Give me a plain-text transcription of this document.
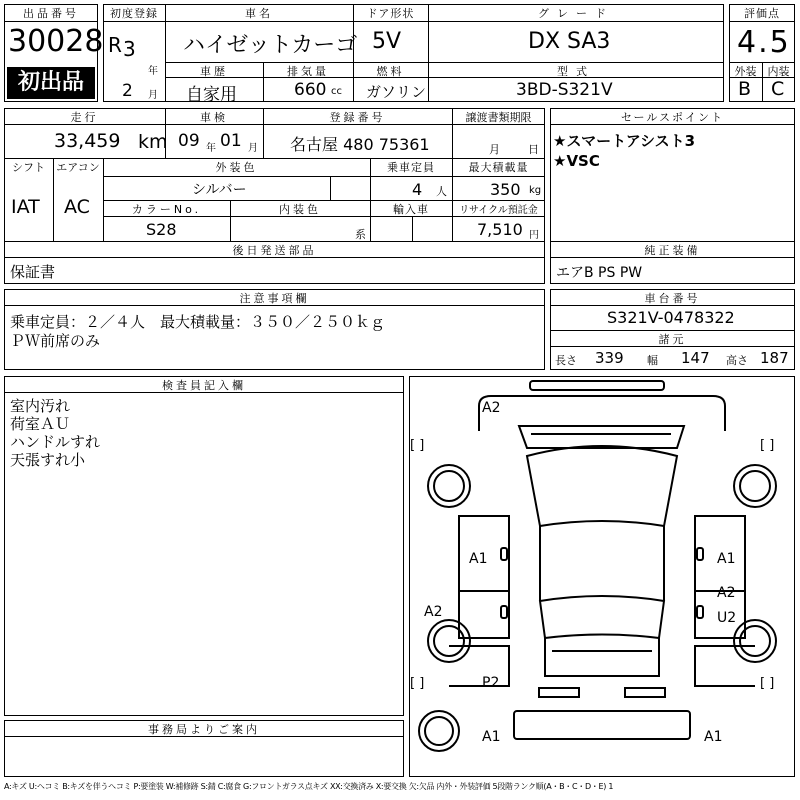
出品番号
30028
初出品
初度登録
R 3
年
2 月
車名
ハイゼットカーゴ
ドア形状
5V
グレード
DX SA3
車歴
自家用
排気量
660 cc
燃料
ガソリン
型式
3BD-S321V
評価点
4.5
外装	内装
B C
走行
33,459 km
車検
09 年 01 月
登録番号
名古屋 480 75361
譲渡書類期限
月	日
シフト
IAT
エアコン
AC
外装色
シルバー
乗車定員
4 人
最大積載量
350 kg
カラーNo.
S28
内装色
系
輸入車	リサイクル預託金
7,510 円
後日発送部品
保証書
セールスポイント
★スマートアシスト3
★VSC
純正装備
エアB PS PW
注意事項欄
乗車定員：２／４人　最大積載量：３５０／２５０ｋｇ
ＰＷ前席のみ
車台番号
S321V-0478322
諸元
長さ 339 幅 147 高さ 187
検査員記入欄
室内汚れ
荷室ＡＵ
ハンドルすれ
天張すれ小
事務局よりご案内
[ ]	[ ]
[ ]	[ ]
A2
A1	A1
A2
A2
U2
P2
A1	A1
A:キズ U:ヘコミ B:キズを伴うヘコミ P:要塗装 W:補修跡 S:錆 C:腐食 G:フロントガラス点キズ XX:交換済み X:要交換 欠:欠品 内外・外装評価 5段階ランク順(A・B・C・D・E) 1
